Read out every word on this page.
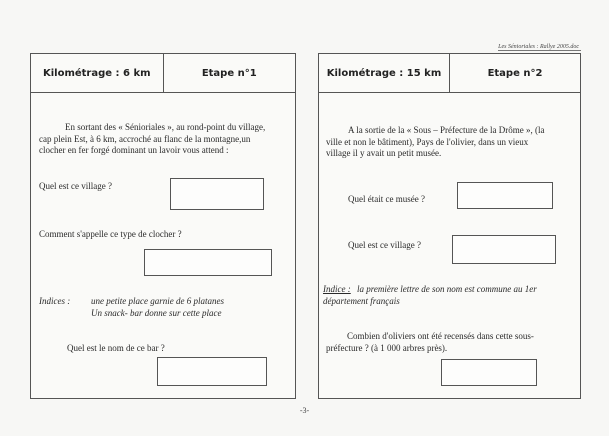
Les Sénioriales : Rallye 2005.doc
Kilométrage : 6 km	Etape n°1
En sortant des « Sénioriales », au rond-point du village,
cap plein Est, à 6 km, accroché au flanc de la montagne,un
clocher en fer forgé dominant un lavoir vous attend :
Quel est ce village ?
Comment s'appelle ce type de clocher ?
Indices : une petite place garnie de 6 platanes
Un snack- bar donne sur cette place
Quel est le nom de ce bar ?
Kilométrage : 15 km	Etape n°2
A la sortie de la « Sous – Préfecture de la Drôme », (la
ville et non le bâtiment), Pays de l'olivier, dans un vieux
village il y avait un petit musée.
Quel était ce musée ?
Quel est ce village ?
Indice : la première lettre de son nom est commune au 1er
département français
Combien d'oliviers ont été recensés dans cette sous-
préfecture ? (à 1 000 arbres près).
-3-
